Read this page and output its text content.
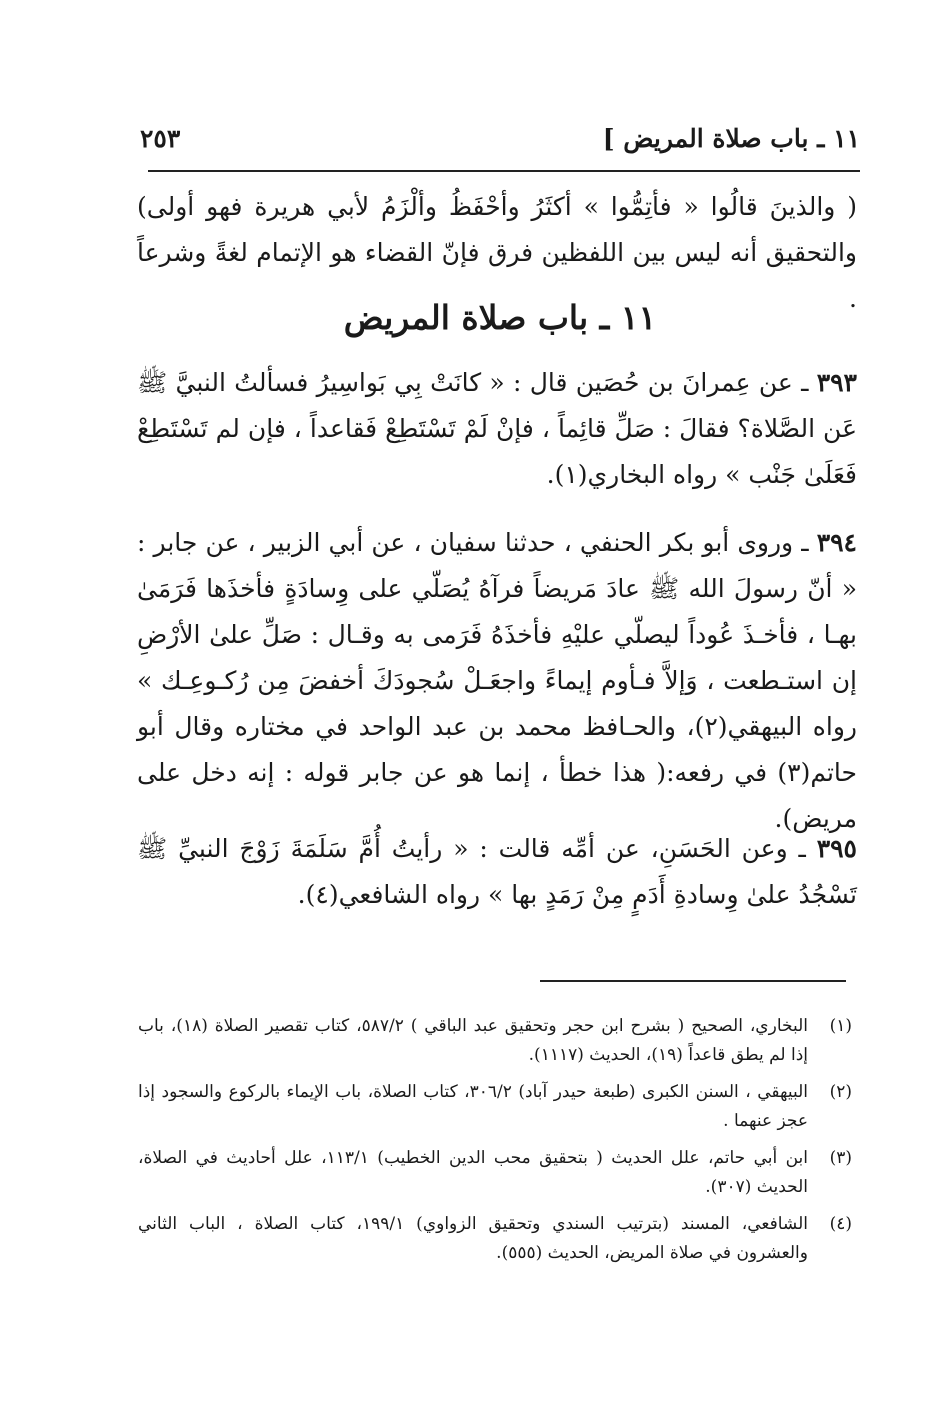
١١ ـ باب صلاة المريض ]
٢٥٣

( والذينَ قالُوا « فأتِمُّوا » أكثَرُ وأحْفَظُ وألْزَمُ لأبي هريرة فهو أولى) والتحقيق أنه ليس بين اللفظين فرق فإنّ القضاء هو الإتمام لغةً وشرعاً .

١١ ـ باب صلاة المريض

٣٩٣ ـ عن عِمرانَ بن حُصَين قال : « كانَتْ بِي بَواسِيرُ فسألتُ النبيَّ ﷺ عَن الصَّلاة؟ فقالَ : صَلِّ قائِماً ، فإنْ لَمْ تَسْتَطِعْ فَقاعداً ، فإن لم تَسْتَطِعْ فَعَلَىٰ جَنْب » رواه البخاري(١).

٣٩٤ ـ وروى أبو بكر الحنفي ، حدثنا سفيان ، عن أبي الزبير ، عن جابر : « أنّ رسولَ الله ﷺ عادَ مَريضاً فرآهُ يُصَلّي على وِسادَةٍ فأخذَها فَرَمَىٰ بهـا ، فأخـذَ عُوداً ليصلّي عليْهِ فأخذَهُ فَرَمى به وقـال : صَلِّ علىٰ الأرْضِ إن استـطعت ، وَإلاَّ فـأوم إيماءً واجعَـلْ سُجودَكَ أخفضَ مِن رُكـوعِـك » رواه البيهقي(٢)، والحـافظ محمد بن عبد الواحد في مختاره وقال أبو حاتم(٣) في رفعه:( هذا خطأ ، إنما هو عن جابر قوله : إنه دخل على مريض).

٣٩٥ ـ وعن الحَسَنِ، عن أمِّه قالت : « رأيتُ أُمَّ سَلَمَةَ زَوْجَ النبيِّ ﷺ تَسْجُدُ علىٰ وِسادةِ أَدَمٍ مِنْ رَمَدٍ بها » رواه الشافعي(٤).

(١)
البخاري، الصحيح ( بشرح ابن حجر وتحقيق عبد الباقي ) ٥٨٧/٢، كتاب تقصير الصلاة (١٨)، باب إذا لم يطق قاعداً (١٩)، الحديث (١١١٧).
(٢)
البيهقي ، السنن الكبرى (طبعة حيدر آباد) ٣٠٦/٢، كتاب الصلاة، باب الإيماء بالركوع والسجود إذا عجز عنهما .
(٣)
ابن أبي حاتم، علل الحديث ( بتحقيق محب الدين الخطيب) ١١٣/١، علل أحاديث في الصلاة، الحديث (٣٠٧).
(٤)
الشافعي، المسند (بترتيب السندي وتحقيق الزواوي) ١٩٩/١، كتاب الصلاة ، الباب الثاني والعشرون في صلاة المريض، الحديث (٥٥٥).
